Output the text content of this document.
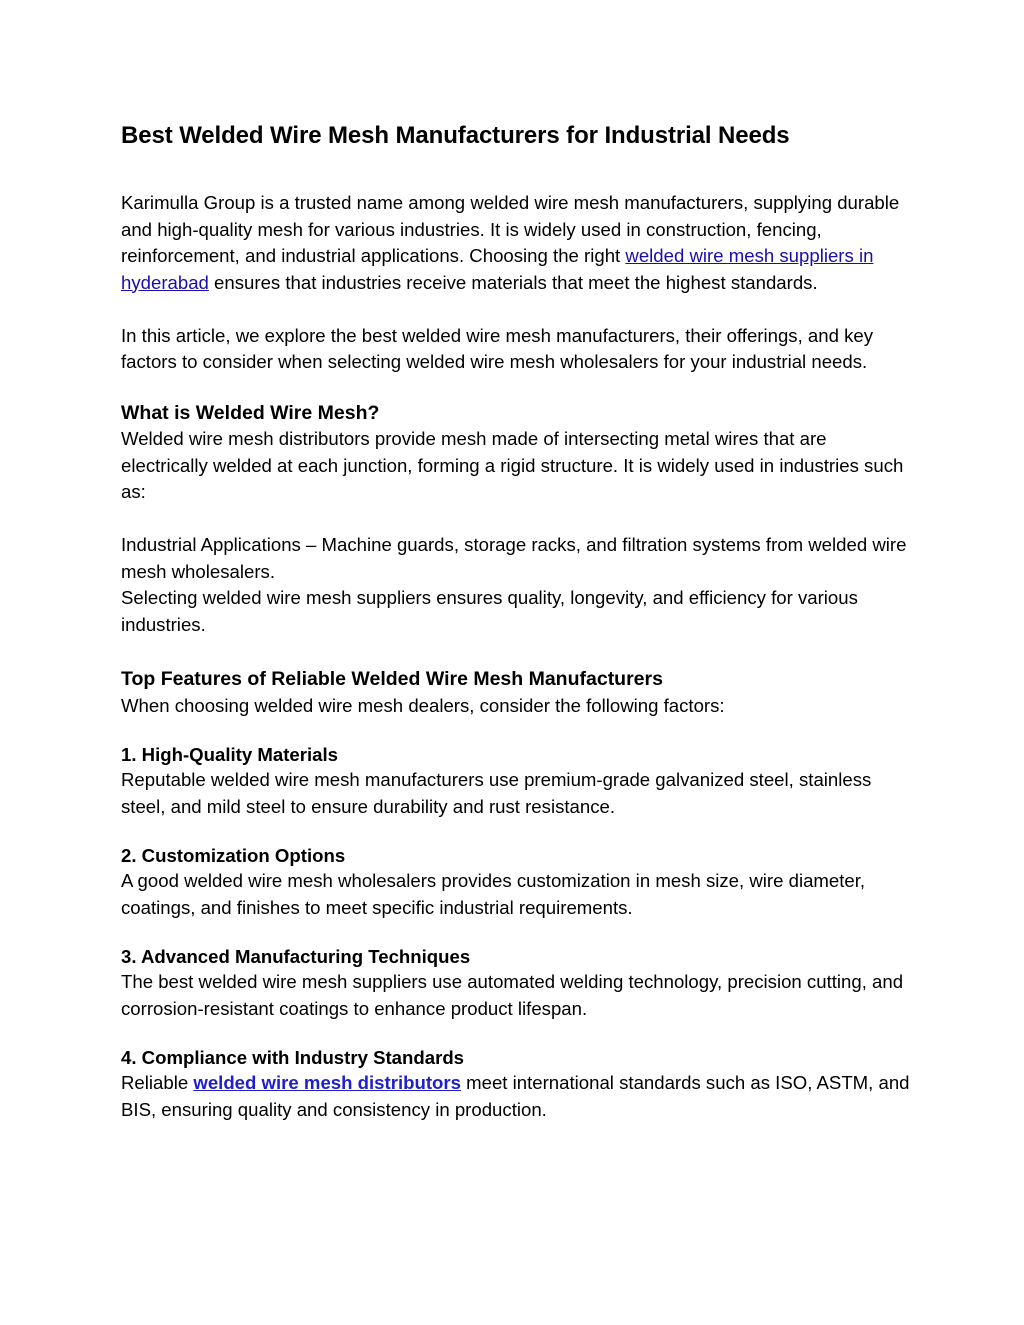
Best Welded Wire Mesh Manufacturers for Industrial Needs

Karimulla Group is a trusted name among welded wire mesh manufacturers, supplying durable and high-quality mesh for various industries. It is widely used in construction, fencing, reinforcement, and industrial applications. Choosing the right welded wire mesh suppliers in hyderabad ensures that industries receive materials that meet the highest standards.

In this article, we explore the best welded wire mesh manufacturers, their offerings, and key factors to consider when selecting welded wire mesh wholesalers for your industrial needs.

What is Welded Wire Mesh?

Welded wire mesh distributors provide mesh made of intersecting metal wires that are electrically welded at each junction, forming a rigid structure. It is widely used in industries such as:

Industrial Applications – Machine guards, storage racks, and filtration systems from welded wire mesh wholesalers.

Selecting welded wire mesh suppliers ensures quality, longevity, and efficiency for various industries.

Top Features of Reliable Welded Wire Mesh Manufacturers

When choosing welded wire mesh dealers, consider the following factors:

1. High-Quality Materials

Reputable welded wire mesh manufacturers use premium-grade galvanized steel, stainless steel, and mild steel to ensure durability and rust resistance.

2. Customization Options

A good welded wire mesh wholesalers provides customization in mesh size, wire diameter, coatings, and finishes to meet specific industrial requirements.

3. Advanced Manufacturing Techniques

The best welded wire mesh suppliers use automated welding technology, precision cutting, and corrosion-resistant coatings to enhance product lifespan.

4. Compliance with Industry Standards

Reliable welded wire mesh distributors meet international standards such as ISO, ASTM, and BIS, ensuring quality and consistency in production.
